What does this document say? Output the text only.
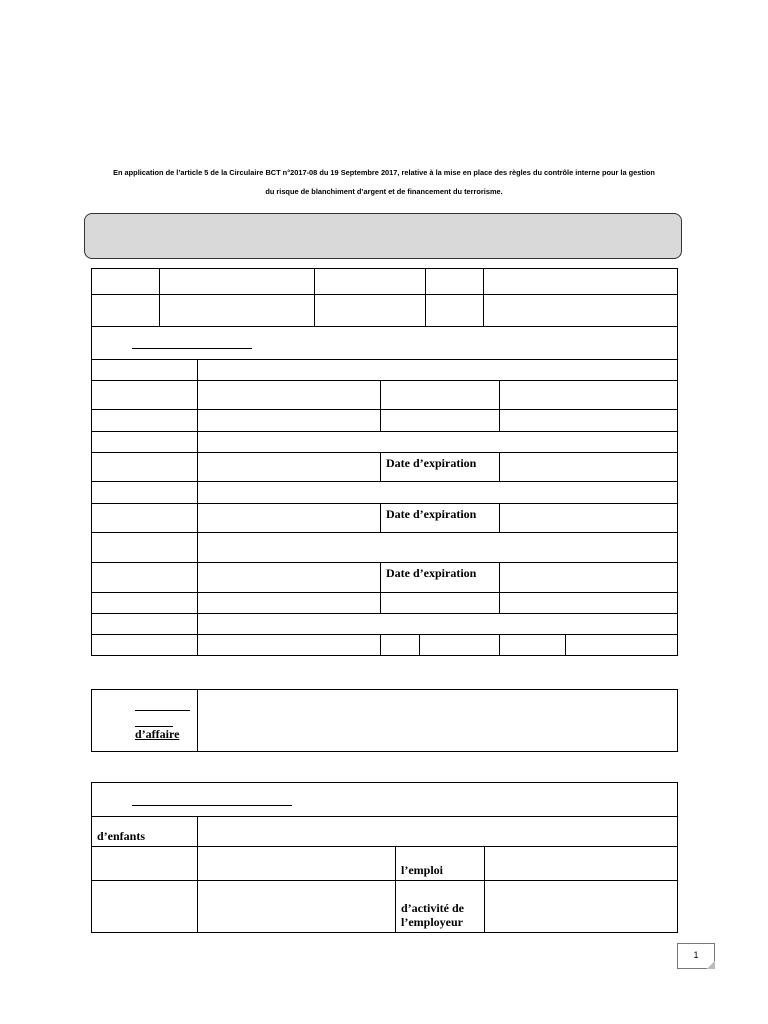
En application de l’article 5 de la Circulaire BCT n°2017-08 du 19 Septembre 2017, relative à la mise en place des règles du contrôle interne pour la gestion
du risque de blanchiment d’argent et de financement du terrorisme.

		Date d’expiration			

		Date d’expiration			

		Date d’expiration			

d’affaire

d’enfants			
		l’emploi	

		d’activité de
l’employeur	

1
